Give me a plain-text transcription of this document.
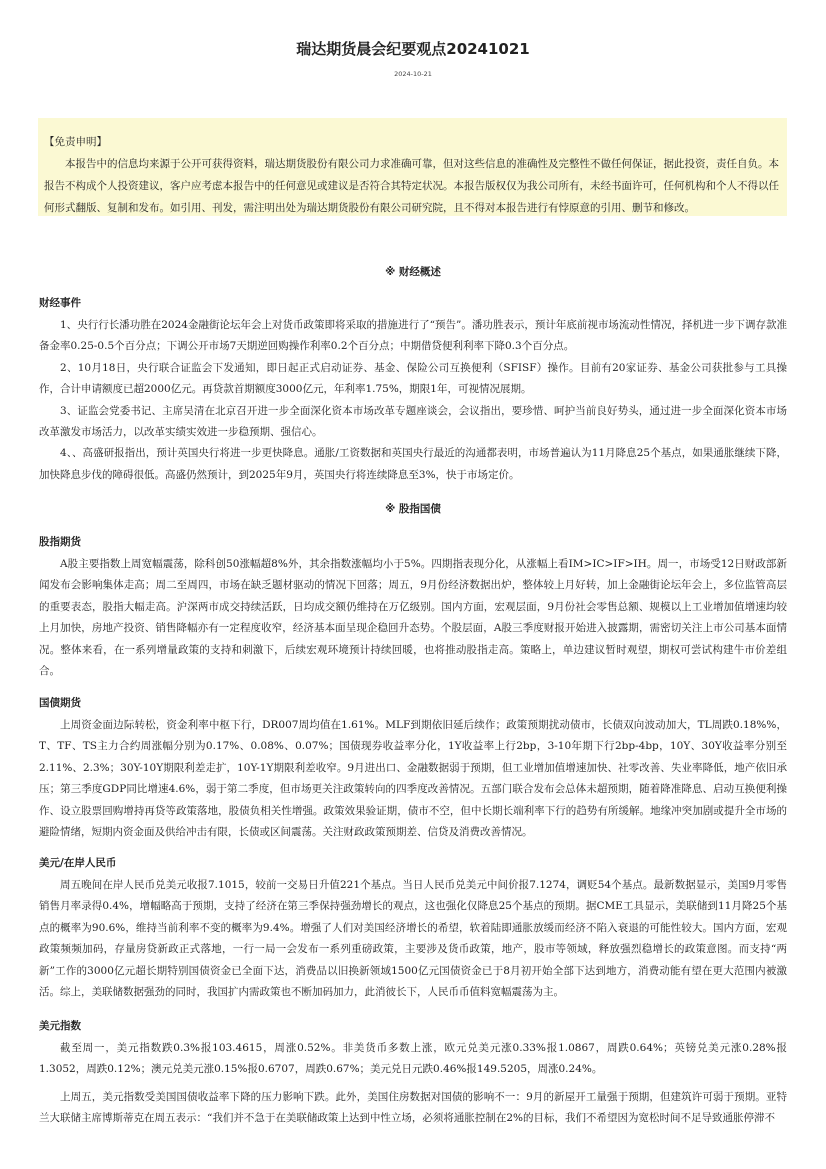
瑞达期货晨会纪要观点20241021
2024-10-21
【免责申明】

本报告中的信息均来源于公开可获得资料，瑞达期货股份有限公司力求准确可靠，但对这些信息的准确性及完整性不做任何保证，据此投资，责任自负。本报告不构成个人投资建议，客户应考虑本报告中的任何意见或建议是否符合其特定状况。本报告版权仅为我公司所有，未经书面许可，任何机构和个人不得以任何形式翻版、复制和发布。如引用、刊发，需注明出处为瑞达期货股份有限公司研究院，且不得对本报告进行有悖原意的引用、删节和修改。

※ 财经概述
财经事件

1、央行行长潘功胜在2024金融街论坛年会上对货币政策即将采取的措施进行了“预告”。潘功胜表示，预计年底前视市场流动性情况，择机进一步下调存款准备金率0.25-0.5个百分点；下调公开市场7天期逆回购操作利率0.2个百分点；中期借贷便利利率下降0.3个百分点。

2、10月18日，央行联合证监会下发通知，即日起正式启动证券、基金、保险公司互换便利（SFISF）操作。目前有20家证券、基金公司获批参与工具操作，合计申请额度已超2000亿元。再贷款首期额度3000亿元，年利率1.75%，期限1年，可视情况展期。

3、证监会党委书记、主席吴清在北京召开进一步全面深化资本市场改革专题座谈会，会议指出，要珍惜、呵护当前良好势头，通过进一步全面深化资本市场改革激发市场活力，以改革实绩实效进一步稳预期、强信心。

4、、高盛研报指出，预计英国央行将进一步更快降息。通胀/工资数据和英国央行最近的沟通都表明，市场普遍认为11月降息25个基点，如果通胀继续下降，加快降息步伐的障碍很低。高盛仍然预计，到2025年9月，英国央行将连续降息至3%，快于市场定价。

※ 股指国债
股指期货

A股主要指数上周宽幅震荡，除科创50涨幅超8%外，其余指数涨幅均小于5%。四期指表现分化，从涨幅上看IM>IC>IF>IH。周一，市场受12日财政部新闻发布会影响集体走高；周二至周四，市场在缺乏题材驱动的情况下回落；周五，9月份经济数据出炉，整体较上月好转，加上金融街论坛年会上，多位监管高层的重要表态，股指大幅走高。沪深两市成交持续活跃，日均成交额仍维持在万亿级别。国内方面，宏观层面，9月份社会零售总额、规模以上工业增加值增速均较上月加快，房地产投资、销售降幅亦有一定程度收窄，经济基本面呈现企稳回升态势。个股层面，A股三季度财报开始进入披露期，需密切关注上市公司基本面情况。整体来看，在一系列增量政策的支持和刺激下，后续宏观环境预计持续回暖，也将推动股指走高。策略上，单边建议暂时观望，期权可尝试构建牛市价差组合。

国债期货

上周资金面边际转松，资金利率中枢下行，DR007周均值在1.61%。MLF到期依旧延后续作；政策预期扰动债市，长债双向波动加大，TL周跌0.18%%，T、TF、TS主力合约周涨幅分别为0.17%、0.08%、0.07%；国债现券收益率分化，1Y收益率上行2bp，3-10年期下行2bp-4bp，10Y、30Y收益率分别至2.11%、2.3%；30Y-10Y期限利差走扩，10Y-1Y期限利差收窄。9月进出口、金融数据弱于预期，但工业增加值增速加快、社零改善、失业率降低，地产依旧承压；第三季度GDP同比增速4.6%，弱于第二季度，但市场更关注政策转向的四季度改善情况。五部门联合发布会总体未超预期，随着降准降息、启动互换便利操作、设立股票回购增持再贷等政策落地，股债负相关性增强。政策效果验证期，债市不空，但中长期长端利率下行的趋势有所缓解。地缘冲突加剧或提升全市场的避险情绪，短期内资金面及供给冲击有限，长债或区间震荡。关注财政政策预期差、信贷及消费改善情况。

美元/在岸人民币

周五晚间在岸人民币兑美元收报7.1015，较前一交易日升值221个基点。当日人民币兑美元中间价报7.1274，调贬54个基点。最新数据显示，美国9月零售销售月率录得0.4%，增幅略高于预期，支持了经济在第三季保持强劲增长的观点，这也强化仅降息25个基点的预期。据CME工具显示，美联储到11月降25个基点的概率为90.6%，维持当前利率不变的概率为9.4%。增强了人们对美国经济增长的希望，软着陆即通胀放缓而经济不陷入衰退的可能性较大。国内方面，宏观政策频频加码，存量房贷新政正式落地，一行一局一会发布一系列重磅政策，主要涉及货币政策，地产，股市等领域，释放强烈稳增长的政策意图。而支持“两新”工作的3000亿元超长期特别国债资金已全面下达，消费品以旧换新领域1500亿元国债资金已于8月初开始全部下达到地方，消费动能有望在更大范围内被激活。综上，美联储数据强劲的同时，我国扩内需政策也不断加码加力，此消彼长下，人民币币值料宽幅震荡为主。

美元指数

截至周一，美元指数跌0.3%报103.4615，周涨0.52%。非美货币多数上涨，欧元兑美元涨0.33%报1.0867，周跌0.64%；英镑兑美元涨0.28%报1.3052，周跌0.12%；澳元兑美元涨0.15%报0.6707，周跌0.67%；美元兑日元跌0.46%报149.5205，周涨0.24%。

上周五，美元指数受美国国债收益率下降的压力影响下跌。此外，美国住房数据对国债的影响不一：9月的新屋开工量强于预期，但建筑许可弱于预期。亚特兰大联储主席博斯蒂克在周五表示：“我们并不急于在美联储政策上达到中性立场，必须将通胀控制在2%的目标，我们不希望因为宽松时间不足导致通胀停滞不
